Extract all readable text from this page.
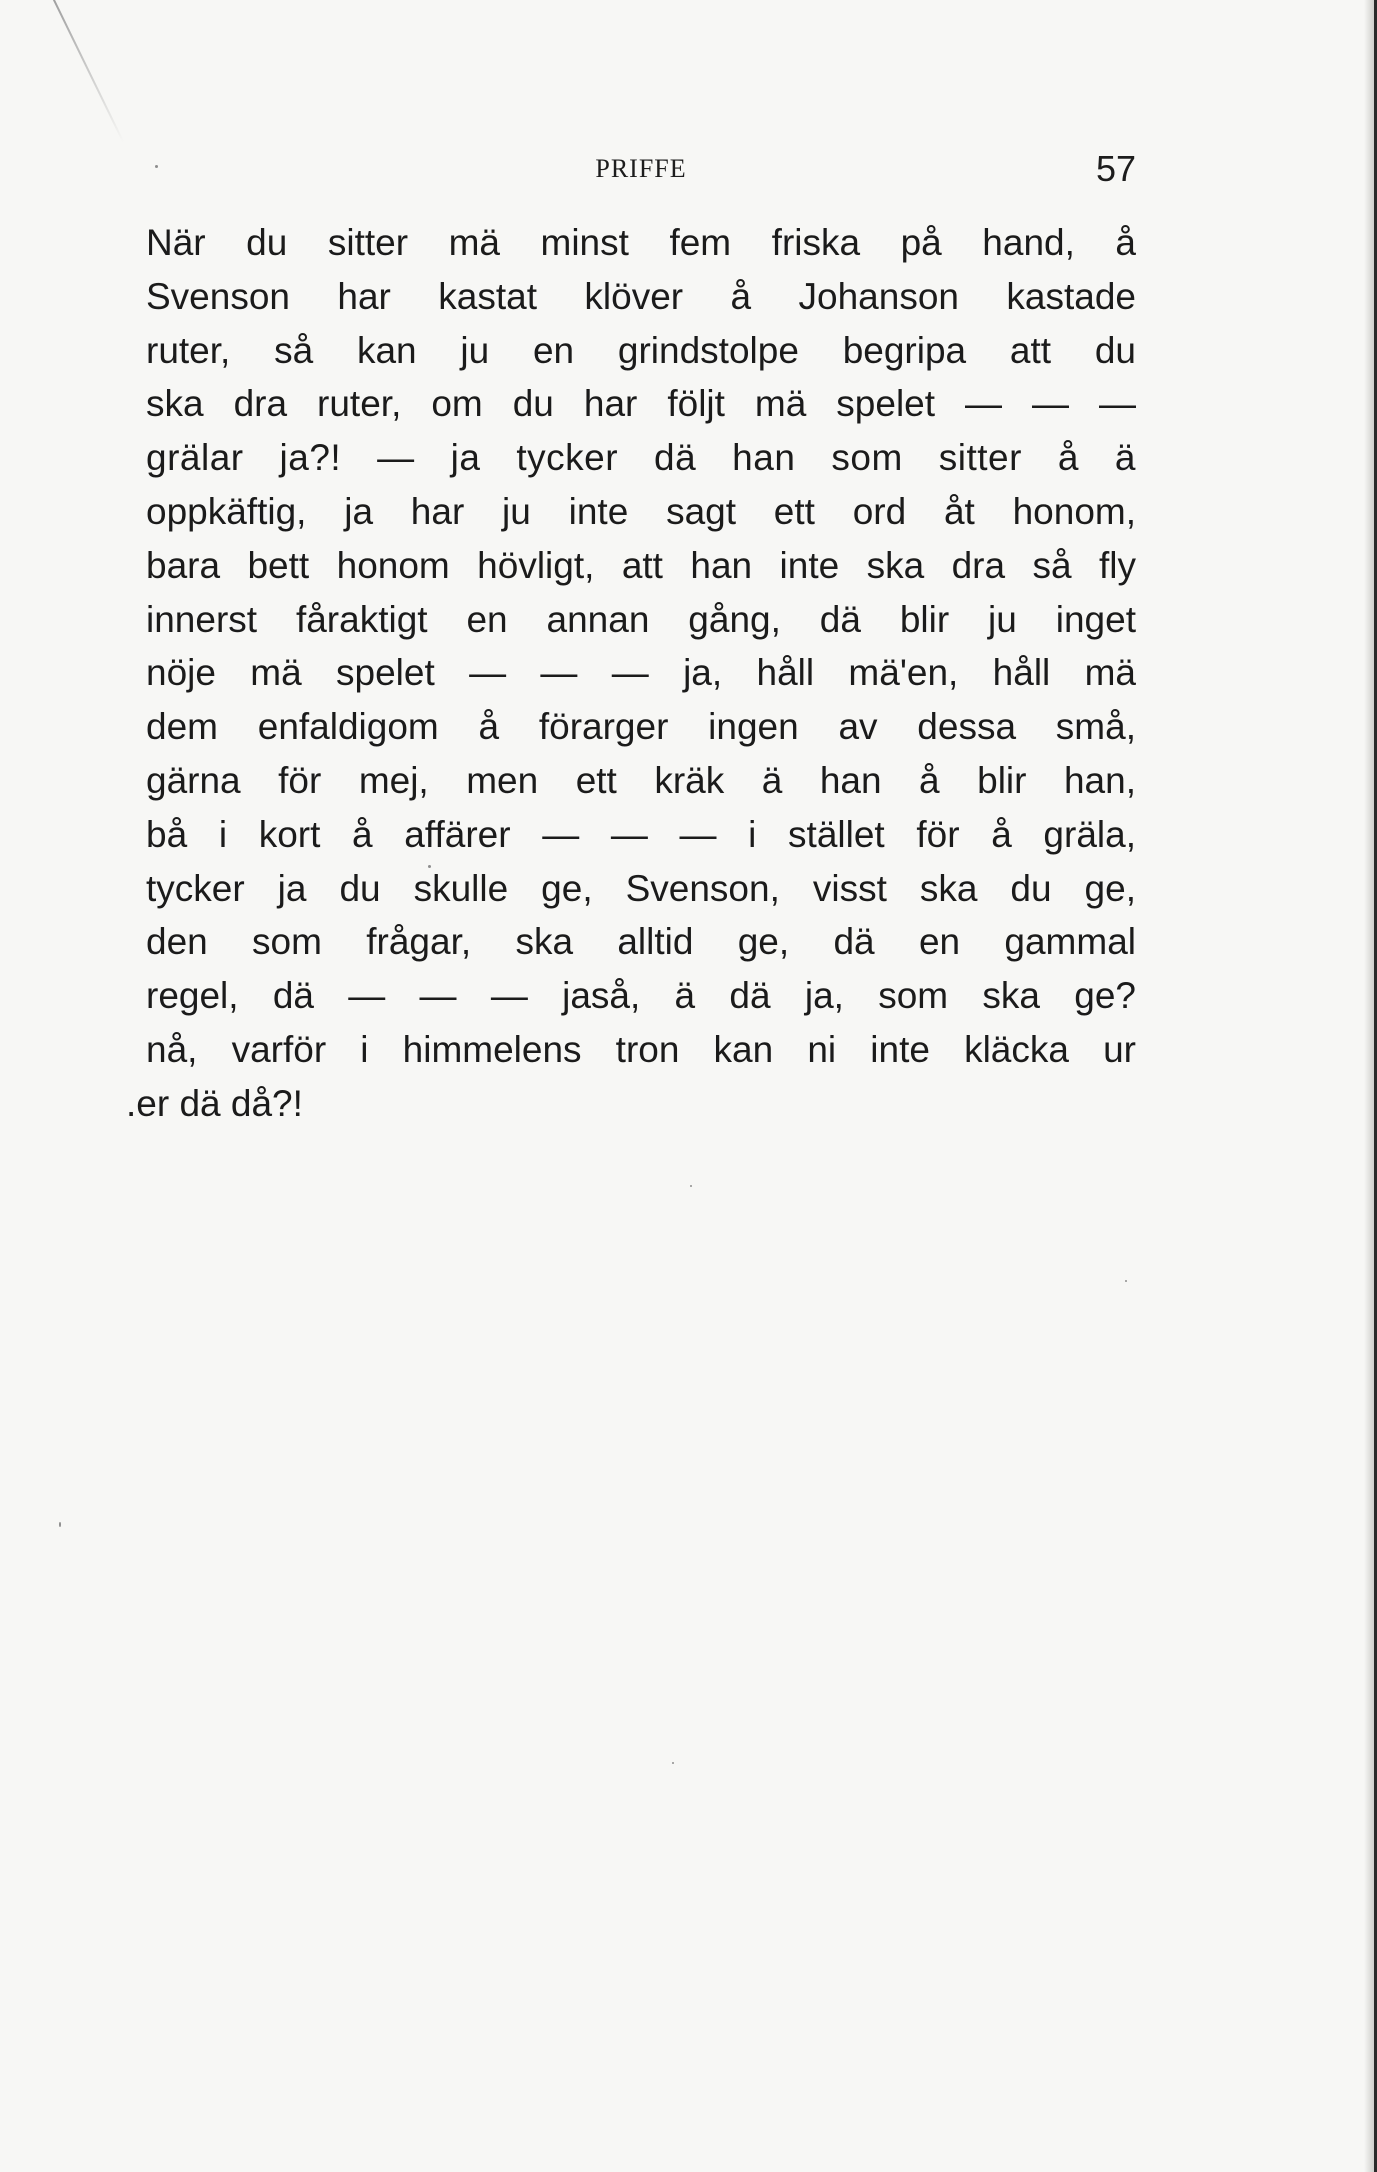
PRIFFE	57
När du sitter mä minst fem friska på hand, å
Svenson har kastat klöver å Johanson kastade
ruter, så kan ju en grindstolpe begripa att du
ska dra ruter, om du har följt mä spelet — — —
grälar ja?! — ja tycker dä han som sitter å ä
oppkäftig, ja har ju inte sagt ett ord åt honom,
bara bett honom hövligt, att han inte ska dra så fly
innerst fåraktigt en annan gång, dä blir ju inget
nöje mä spelet — — — ja, håll mä'en, håll mä
dem enfaldigom å förarger ingen av dessa små,
gärna för mej, men ett kräk ä han å blir han,
bå i kort å affärer — — — i stället för å gräla,
tycker ja du skulle ge, Svenson, visst ska du ge,
den som frågar, ska alltid ge, dä en gammal
regel, dä — — — jaså, ä dä ja, som ska ge?
nå, varför i himmelens tron kan ni inte kläcka ur
.er dä då?!
